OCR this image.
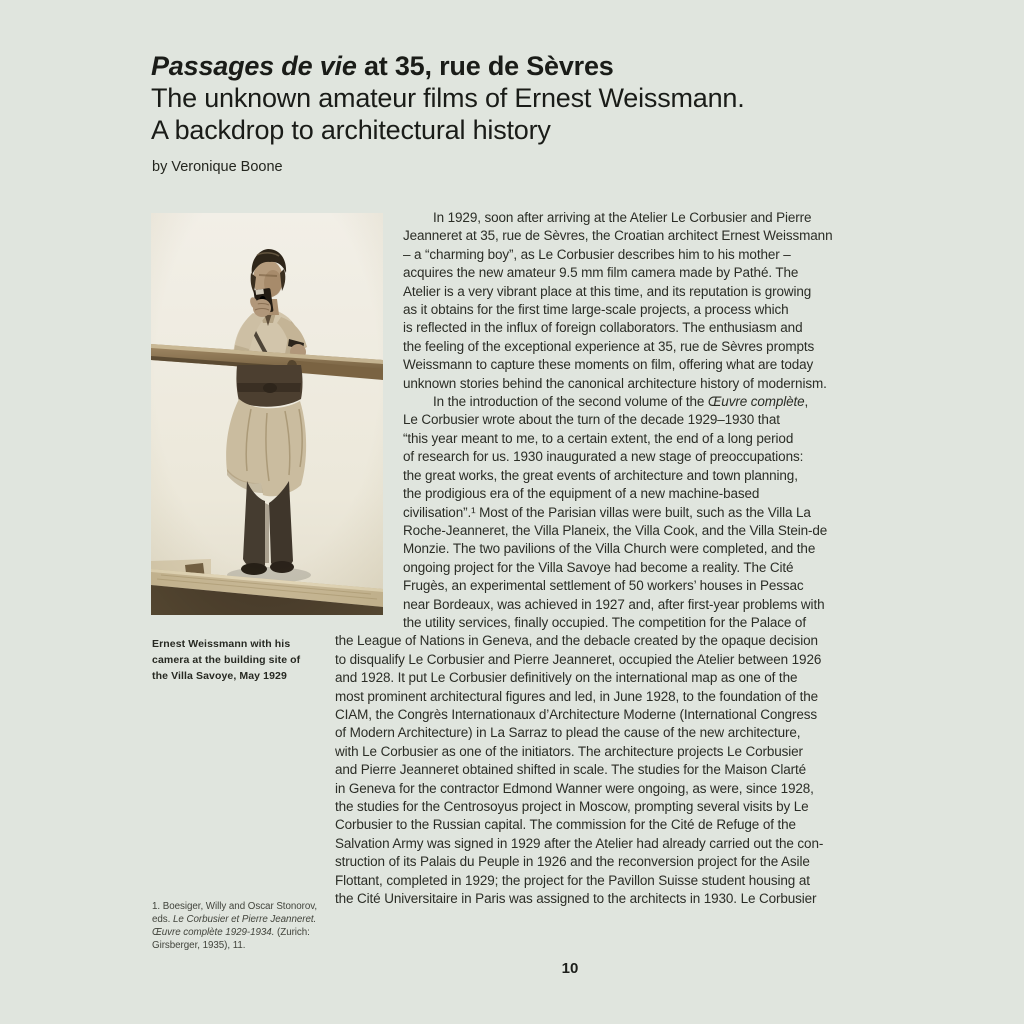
Passages de vie at 35, rue de Sèvres
The unknown amateur films of Ernest Weissmann.
A backdrop to architectural history
by Veronique Boone
Ernest Weissmann with his
camera at the building site of
the Villa Savoye, May 1929
In 1929, soon after arriving at the Atelier Le Corbusier and Pierre
Jeanneret at 35, rue de Sèvres, the Croatian architect Ernest Weissmann
– a “charming boy”, as Le Corbusier describes him to his mother –
acquires the new amateur 9.5 mm film camera made by Pathé. The
Atelier is a very vibrant place at this time, and its reputation is growing
as it obtains for the first time large-scale projects, a process which
is reflected in the influx of foreign collaborators. The enthusiasm and
the feeling of the exceptional experience at 35, rue de Sèvres prompts
Weissmann to capture these moments on film, offering what are today
unknown stories behind the canonical architecture history of modernism.
In the introduction of the second volume of the Œuvre complète,
Le Corbusier wrote about the turn of the decade 1929–1930 that
“this year meant to me, to a certain extent, the end of a long period
of research for us. 1930 inaugurated a new stage of preoccupations:
the great works, the great events of architecture and town planning,
the prodigious era of the equipment of a new machine-based
civilisation”.¹ Most of the Parisian villas were built, such as the Villa La
Roche-Jeanneret, the Villa Planeix, the Villa Cook, and the Villa Stein-de
Monzie. The two pavilions of the Villa Church were completed, and the
ongoing project for the Villa Savoye had become a reality. The Cité
Frugès, an experimental settlement of 50 workers’ houses in Pessac
near Bordeaux, was achieved in 1927 and, after first-year problems with
the utility services, finally occupied. The competition for the Palace of
the League of Nations in Geneva, and the debacle created by the opaque decision
to disqualify Le Corbusier and Pierre Jeanneret, occupied the Atelier between 1926
and 1928. It put Le Corbusier definitively on the international map as one of the
most prominent architectural figures and led, in June 1928, to the foundation of the
CIAM, the Congrès Internationaux d’Architecture Moderne (International Congress
of Modern Architecture) in La Sarraz to plead the cause of the new architecture,
with Le Corbusier as one of the initiators. The architecture projects Le Corbusier
and Pierre Jeanneret obtained shifted in scale. The studies for the Maison Clarté
in Geneva for the contractor Edmond Wanner were ongoing, as were, since 1928,
the studies for the Centrosoyus project in Moscow, prompting several visits by Le
Corbusier to the Russian capital. The commission for the Cité de Refuge of the
Salvation Army was signed in 1929 after the Atelier had already carried out the con-
struction of its Palais du Peuple in 1926 and the reconversion project for the Asile
Flottant, completed in 1929; the project for the Pavillon Suisse student housing at
the Cité Universitaire in Paris was assigned to the architects in 1930. Le Corbusier
1. Boesiger, Willy and Oscar Stonorov,
eds. Le Corbusier et Pierre Jeanneret.
Œuvre complète 1929-1934. (Zurich:
Girsberger, 1935), 11.
10
